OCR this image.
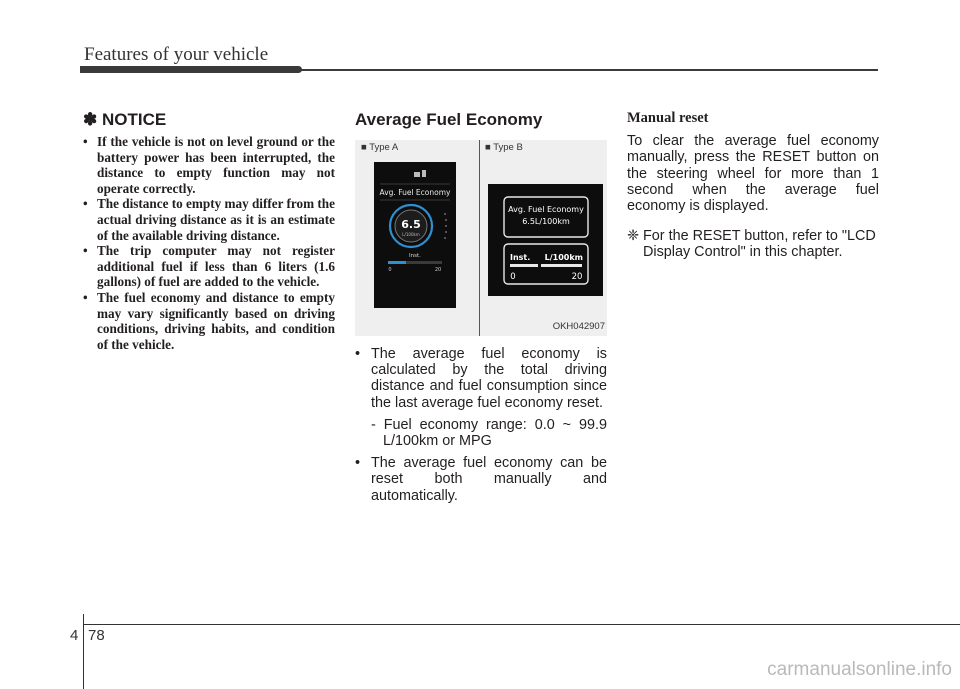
Features of your vehicle
✽ NOTICE
• If the vehicle is not on level ground or the battery power has been interrupted, the distance to empty function may not operate correctly.
• The distance to empty may differ from the actual driving distance as it is an estimate of the available driving distance.
• The trip computer may not register additional fuel if less than 6 liters (1.6 gallons) of fuel are added to the vehicle.
• The fuel economy and distance to empty may vary significantly based on driving conditions, driving habits, and condition of the vehicle.
Average Fuel Economy
■ Type A	■ Type B
Avg. Fuel Economy
6.5
L/100km
Inst.
0	20
Avg. Fuel Economy
6.5L/100km
Inst. L/100km
0	20
OKH042907
• The average fuel economy is calculated by the total driving distance and fuel consumption since the last average fuel economy reset.
- Fuel economy range: 0.0 ~ 99.9 L/100km or MPG
• The average fuel economy can be reset both manually and automatically.
Manual reset
To clear the average fuel economy manually, press the RESET button on the steering wheel for more than 1 second when the average fuel economy is displayed.
❈ For the RESET button, refer to "LCD Display Control" in this chapter.
4 78
carmanualsonline.info
